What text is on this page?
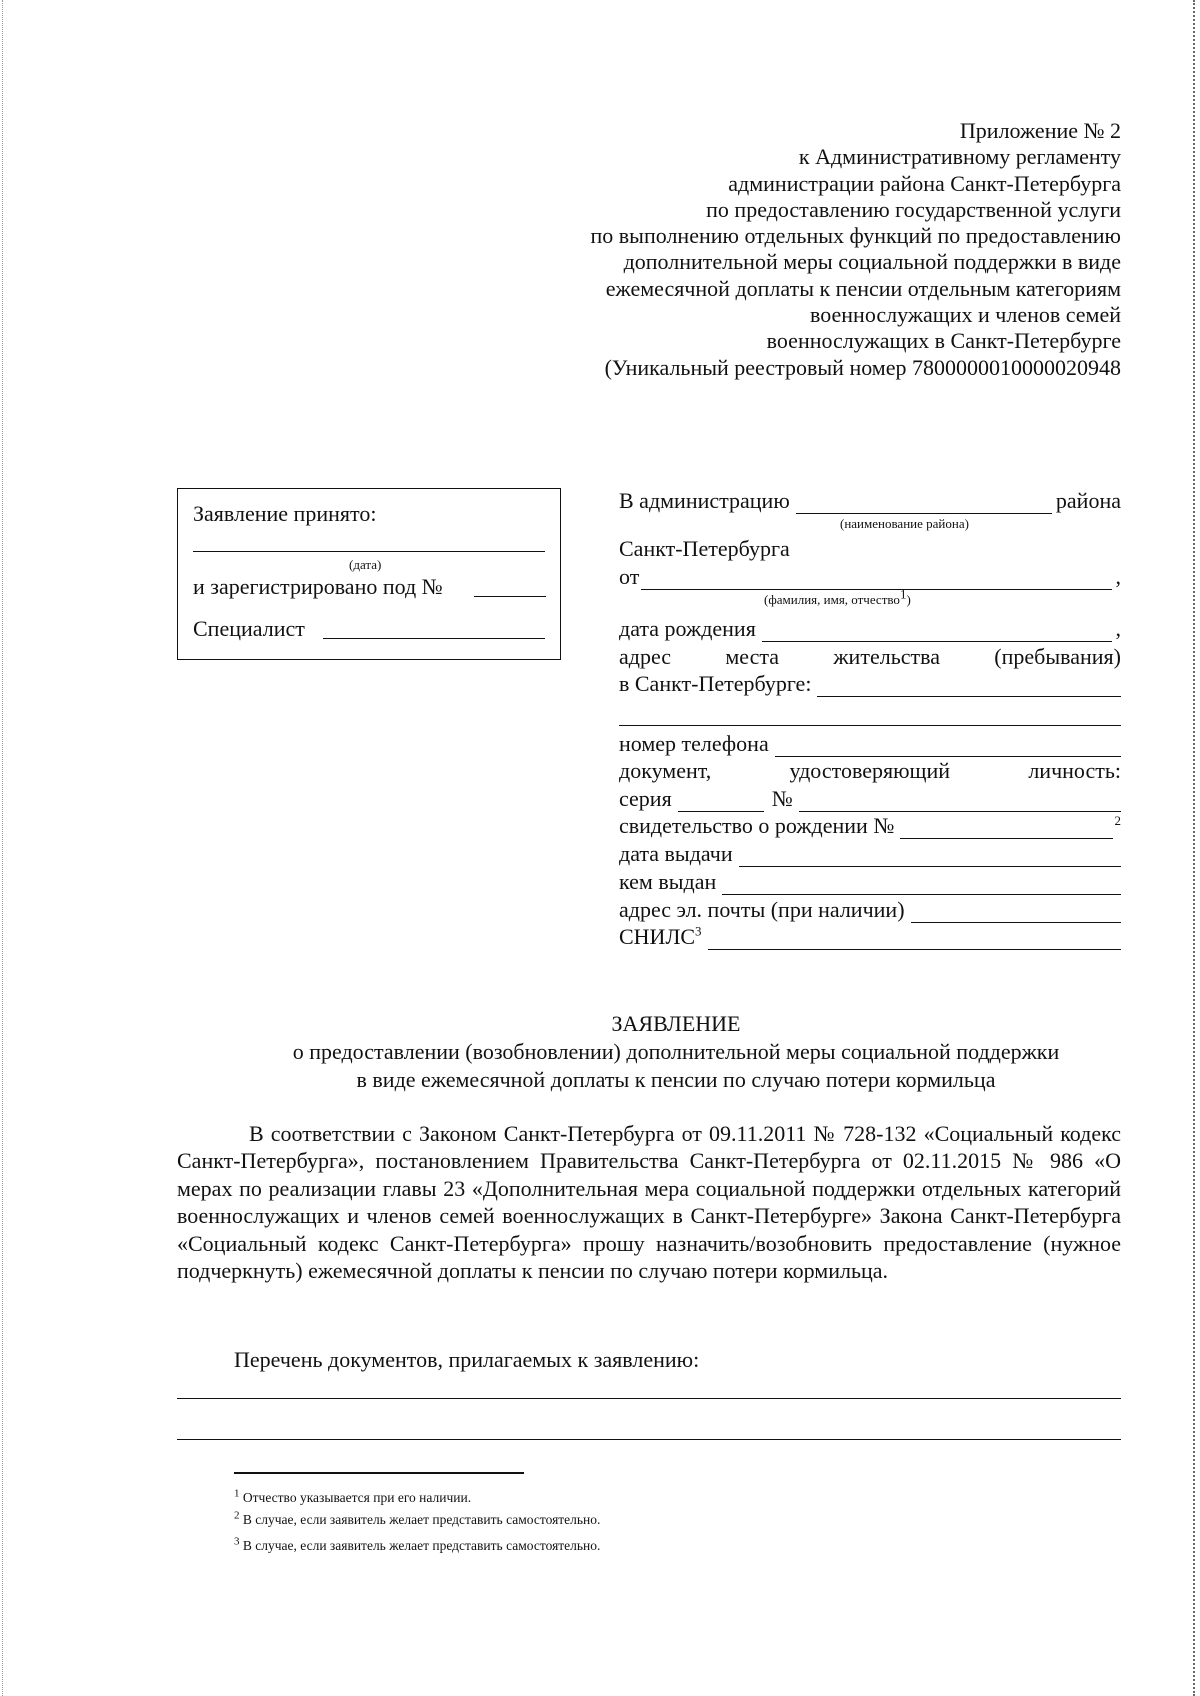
Приложение № 2
к Административному регламенту
администрации района Санкт-Петербурга
по предоставлению государственной услуги
по выполнению отдельных функций по предоставлению
дополнительной меры социальной поддержки в виде
ежемесячной доплаты к пенсии отдельным категориям
военнослужащих и членов семей
военнослужащих в Санкт-Петербурге
(Уникальный реестровый номер 7800000010000020948
Заявление принято:
(дата)
и зарегистрировано под №
Специалист
В администрацию	района
(наименование района)
Санкт-Петербурга
от	,
(фамилия, имя, отчество$^1$)
дата рождения	,
адрес места жительства (пребывания)
в Санкт-Петербурге:
номер телефона
документ,	удостоверяющий	личность:
серия	№
свидетельство о рождении №	$^2$
дата выдачи
кем выдан
адрес эл. почты (при наличии)
СНИЛС$^3$
ЗАЯВЛЕНИЕ
о предоставлении (возобновлении) дополнительной меры социальной поддержки
в виде ежемесячной доплаты к пенсии по случаю потери кормильца
В соответствии с Законом Санкт-Петербурга от 09.11.2011 № 728-132 «Социальный кодекс Санкт-Петербурга», постановлением Правительства Санкт-Петербурга от 02.11.2015 № 986 «О мерах по реализации главы 23 «Дополнительная мера социальной поддержки отдельных категорий военнослужащих и членов семей военнослужащих в Санкт-Петербурге» Закона Санкт-Петербурга «Социальный кодекс Санкт-Петербурга» прошу назначить/возобновить предоставление (нужное подчеркнуть) ежемесячной доплаты к пенсии по случаю потери кормильца.
Перечень документов, прилагаемых к заявлению:
$^1$ Отчество указывается при его наличии.
$^2$ В случае, если заявитель желает представить самостоятельно.
$^3$ В случае, если заявитель желает представить самостоятельно.
